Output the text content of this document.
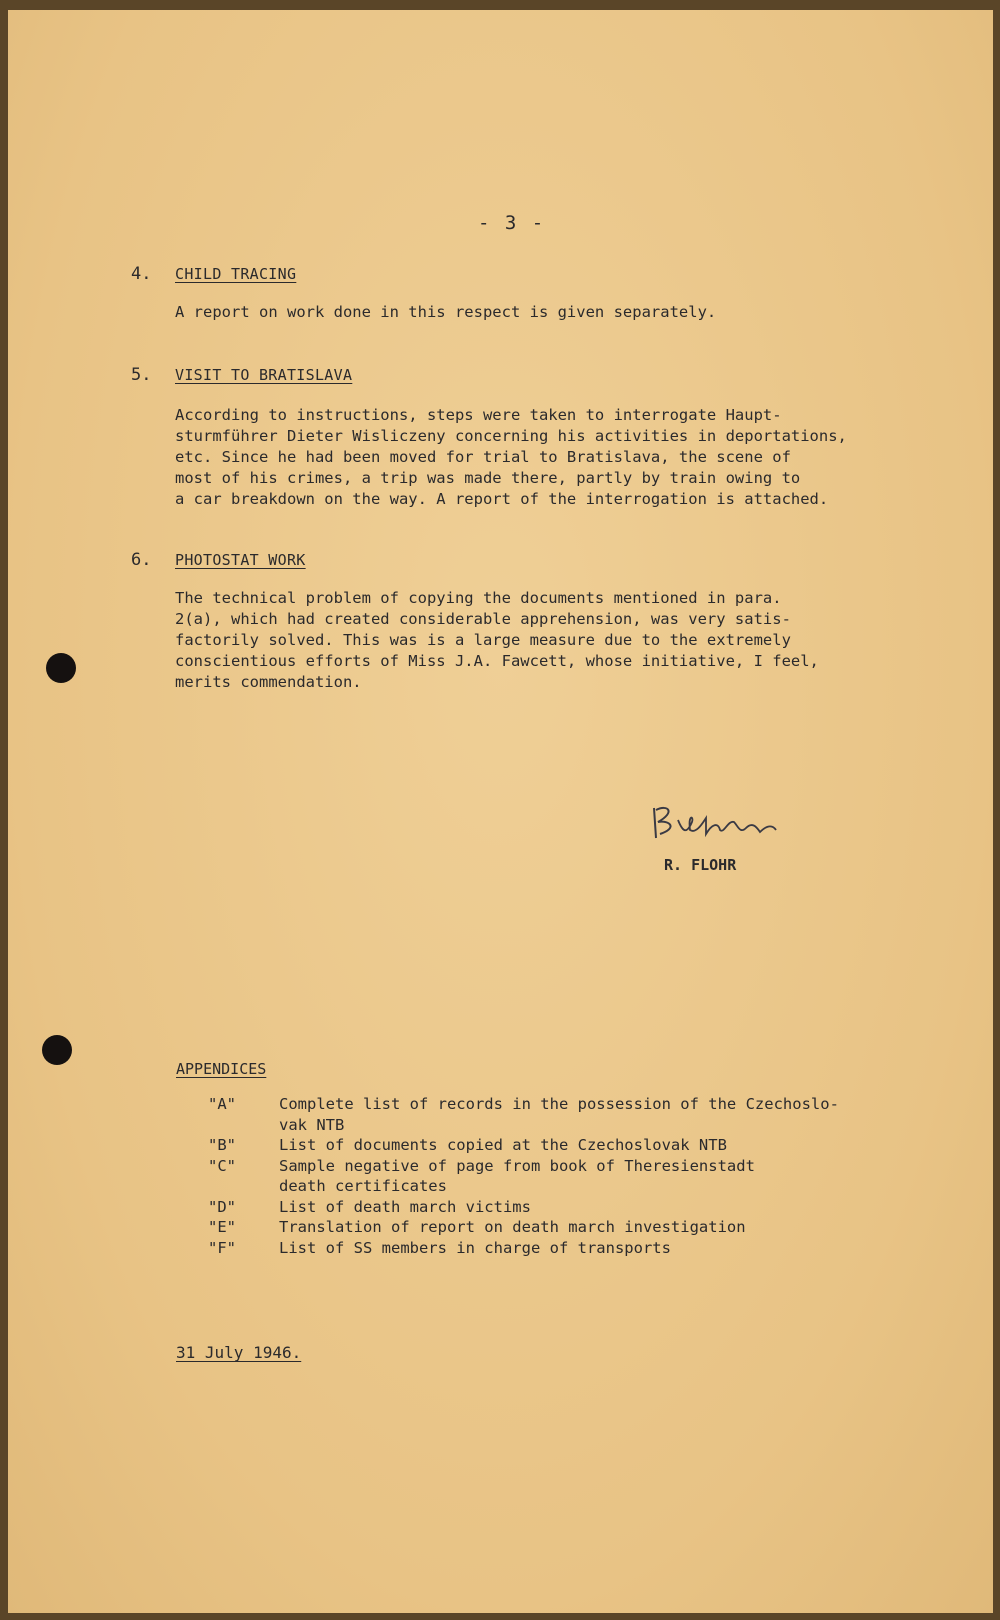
- 3 -
4.	CHILD TRACING
A report on work done in this respect is given separately.
5.	VISIT TO BRATISLAVA
According to instructions, steps were taken to interrogate Haupt-
sturmführer Dieter Wisliczeny concerning his activities in deportations,
etc. Since he had been moved for trial to Bratislava, the scene of
most of his crimes, a trip was made there, partly by train owing to
a car breakdown on the way. A report of the interrogation is attached.
6.	PHOTOSTAT WORK
The technical problem of copying the documents mentioned in para.
2(a), which had created considerable apprehension, was very satis-
factorily solved. This was is a large measure due to the extremely
conscientious efforts of Miss J.A. Fawcett, whose initiative, I feel,
merits commendation.
R. FLOHR
APPENDICES
"A"	Complete list of records in the possession of the Czechoslo-
vak NTB
"B"	List of documents copied at the Czechoslovak NTB
"C"	Sample negative of page from book of Theresienstadt
death certificates
"D"	List of death march victims
"E"	Translation of report on death march investigation
"F"	List of SS members in charge of transports
31 July 1946.
